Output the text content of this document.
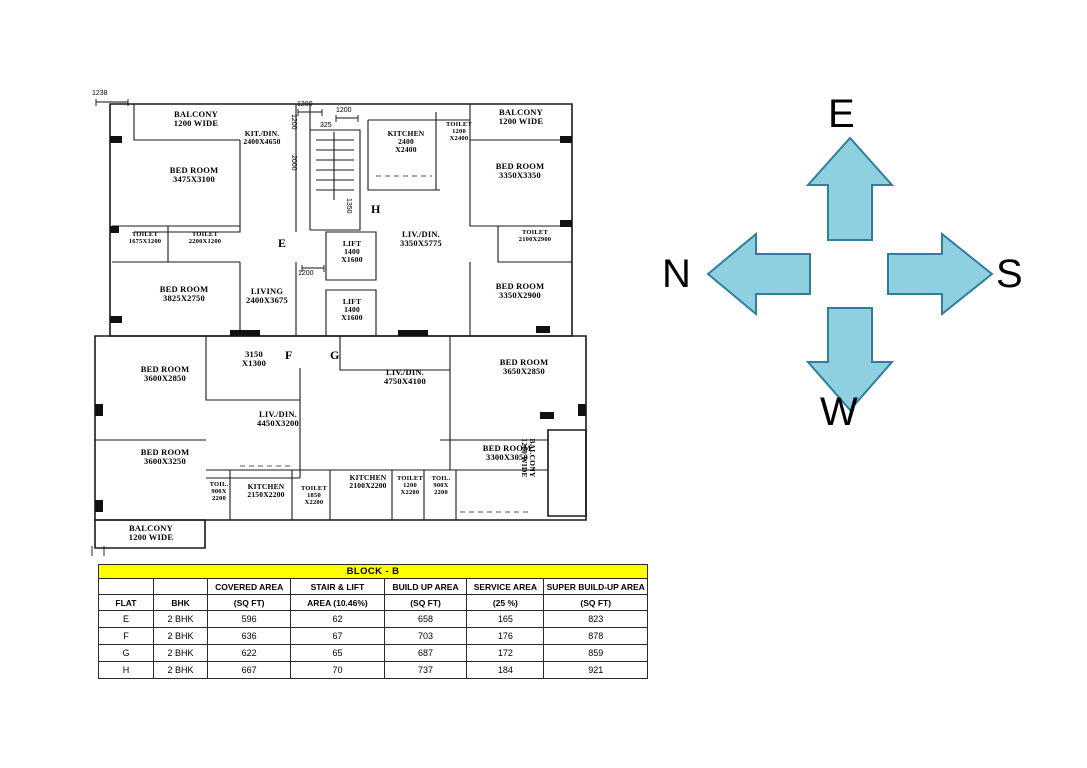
BALCONY
1200 WIDE
KIT./DIN.
2400X4650
BED ROOM
3475X3100
KITCHEN
2400
X2400
TOILET
1200
X2400
BALCONY
1200 WIDE
BED ROOM
3350X3350
TOILET
1675X1200
TOILET
2200X1200
TOILET
2100X2900
LIV./DIN.
3350X5775
LIFT
1400
X1600
LIFT
1400
X1600
BED ROOM
3825X2750
LIVING
2400X3675
BED ROOM
3350X2900
3150
X1300
BED ROOM
3600X2850
LIV./DIN.
4750X4100
BED ROOM
3650X2850
LIV./DIN.
4450X3200
BED ROOM
3600X3250
BED ROOM
3300X3050 BALCONY
1200 WIDE
TOIL.
900X
2200
KITCHEN
2150X2200
TOILET
1850
X2200
KITCHEN
2100X2200
TOILET
1200
X2200
TOIL.
900X
2200
BALCONY
1200 WIDE
E
H
F	G
1238
1200
1200
325
1200
2000
1350
1200
E
W
N	S
BLOCK - B						
		COVERED AREA	STAIR & LIFT	BUILD UP AREA	SERVICE AREA	SUPER BUILD-UP AREA
FLAT	BHK	(SQ FT)	AREA (10.46%)	(SQ FT)	(25 %)	(SQ FT)
E	2 BHK	596	62	658	165	823
F	2 BHK	636	67	703	176	878
G	2 BHK	622	65	687	172	859
H	2 BHK	667	70	737	184	921
